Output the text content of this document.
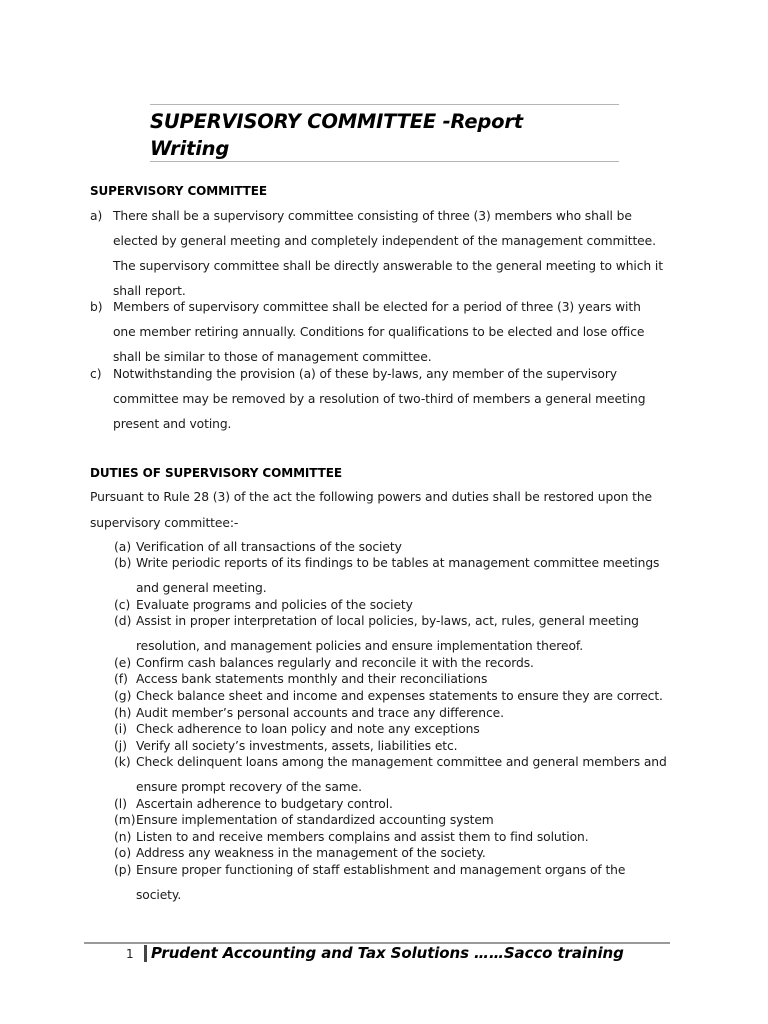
SUPERVISORY COMMITTEE -Report
Writing
SUPERVISORY COMMITTEE
a) There shall be a supervisory committee consisting of three (3) members who shall be
elected by general meeting and completely independent of the management committee.
The supervisory committee shall be directly answerable to the general meeting to which it
shall report.
b) Members of supervisory committee shall be elected for a period of three (3) years with
one member retiring annually. Conditions for qualifications to be elected and lose office
shall be similar to those of management committee.
c) Notwithstanding the provision (a) of these by-laws, any member of the supervisory
committee may be removed by a resolution of two-third of members a general meeting
present and voting.
DUTIES OF SUPERVISORY COMMITTEE
Pursuant to Rule 28 (3) of the act the following powers and duties shall be restored upon the
supervisory committee:-
(a) Verification of all transactions of the society
(b) Write periodic reports of its findings to be tables at management committee meetings
and general meeting.
(c) Evaluate programs and policies of the society
(d) Assist in proper interpretation of local policies, by-laws, act, rules, general meeting
resolution, and management policies and ensure implementation thereof.
(e) Confirm cash balances regularly and reconcile it with the records.
(f) Access bank statements monthly and their reconciliations
(g) Check balance sheet and income and expenses statements to ensure they are correct.
(h) Audit member’s personal accounts and trace any difference.
(i) Check adherence to loan policy and note any exceptions
(j) Verify all society’s investments, assets, liabilities etc.
(k) Check delinquent loans among the management committee and general members and
ensure prompt recovery of the same.
(l) Ascertain adherence to budgetary control.
(m) Ensure implementation of standardized accounting system
(n) Listen to and receive members complains and assist them to find solution.
(o) Address any weakness in the management of the society.
(p) Ensure proper functioning of staff establishment and management organs of the
society.
1 Prudent Accounting and Tax Solutions ……Sacco training
